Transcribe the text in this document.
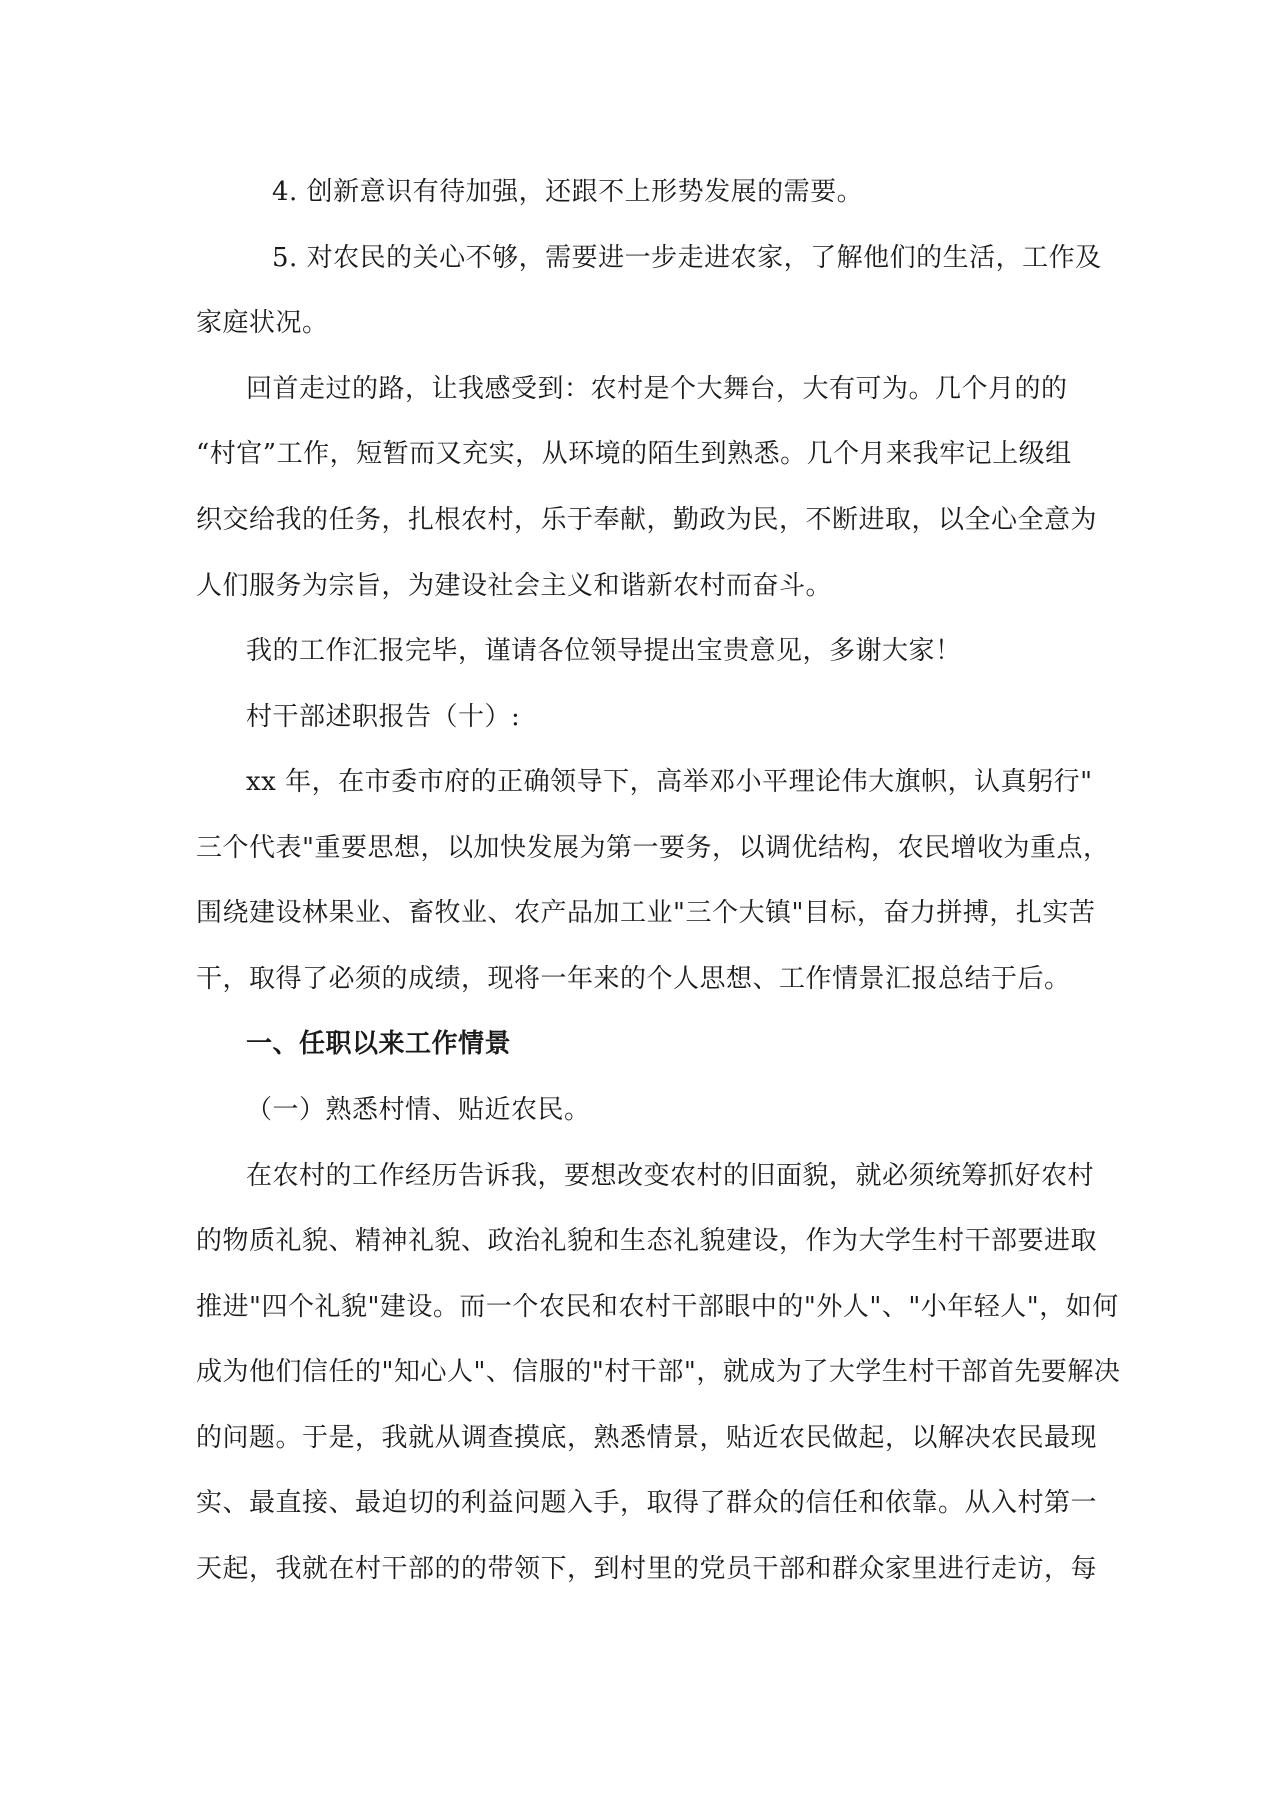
4. 创新意识有待加强，还跟不上形势发展的需要。
5. 对农民的关心不够，需要进一步走进农家，了解他们的生活，工作及
家庭状况。
回首走过的路，让我感受到：农村是个大舞台，大有可为。几个月的的
“村官”工作，短暂而又充实，从环境的陌生到熟悉。几个月来我牢记上级组
织交给我的任务，扎根农村，乐于奉献，勤政为民，不断进取，以全心全意为
人们服务为宗旨，为建设社会主义和谐新农村而奋斗。
我的工作汇报完毕，谨请各位领导提出宝贵意见，多谢大家！
村干部述职报告（十）:
xx 年，在市委市府的正确领导下，高举邓小平理论伟大旗帜，认真躬行"
三个代表"重要思想，以加快发展为第一要务，以调优结构，农民增收为重点，
围绕建设林果业、畜牧业、农产品加工业"三个大镇"目标，奋力拼搏，扎实苦
干，取得了必须的成绩，现将一年来的个人思想、工作情景汇报总结于后。
一、任职以来工作情景
（一）熟悉村情、贴近农民。
在农村的工作经历告诉我，要想改变农村的旧面貌，就必须统筹抓好农村
的物质礼貌、精神礼貌、政治礼貌和生态礼貌建设，作为大学生村干部要进取
推进"四个礼貌"建设。而一个农民和农村干部眼中的"外人"、"小年轻人"，如何
成为他们信任的"知心人"、信服的"村干部"，就成为了大学生村干部首先要解决
的问题。于是，我就从调查摸底，熟悉情景，贴近农民做起，以解决农民最现
实、最直接、最迫切的利益问题入手，取得了群众的信任和依靠。从入村第一
天起，我就在村干部的的带领下，到村里的党员干部和群众家里进行走访，每
